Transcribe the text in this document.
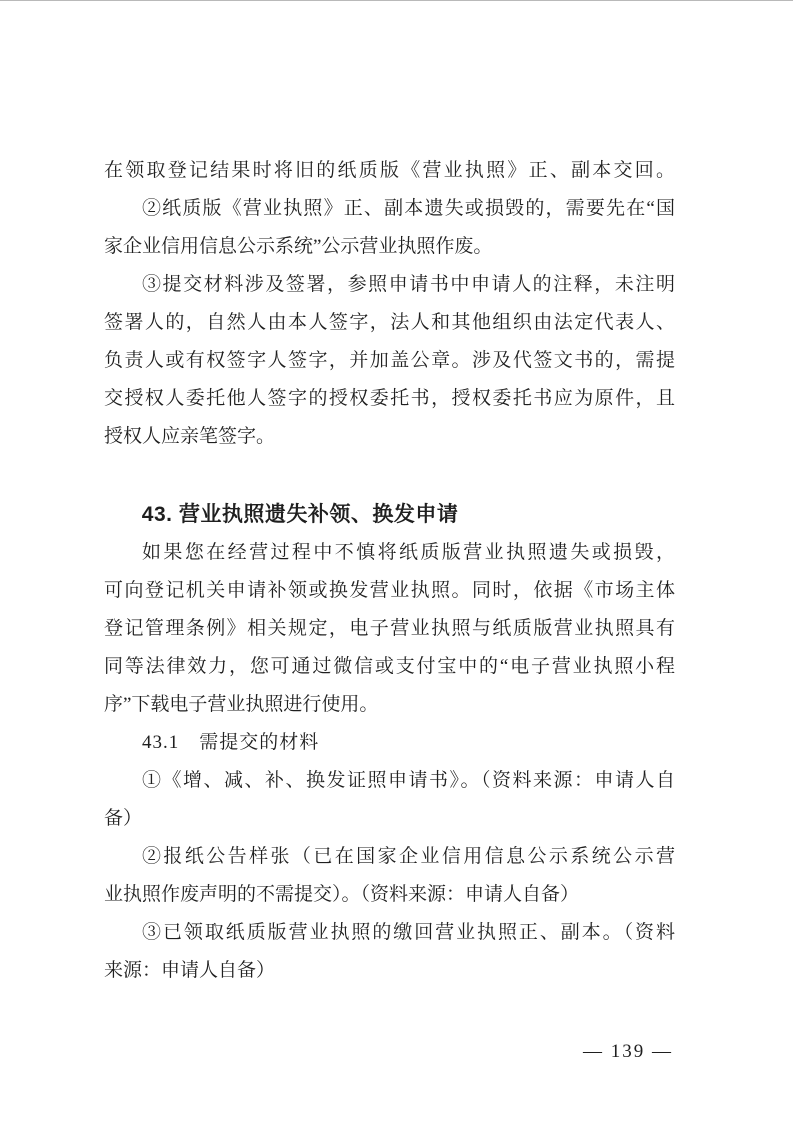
在领取登记结果时将旧的纸质版《营业执照》正、副本交回。

②纸质版《营业执照》正、副本遗失或损毁的，需要先在“国

家企业信用信息公示系统”公示营业执照作废。

③提交材料涉及签署，参照申请书中申请人的注释，未注明

签署人的，自然人由本人签字，法人和其他组织由法定代表人、

负责人或有权签字人签字，并加盖公章。涉及代签文书的，需提

交授权人委托他人签字的授权委托书，授权委托书应为原件，且

授权人应亲笔签字。

43. 营业执照遗失补领、换发申请

如果您在经营过程中不慎将纸质版营业执照遗失或损毁，

可向登记机关申请补领或换发营业执照。同时，依据《市场主体

登记管理条例》相关规定，电子营业执照与纸质版营业执照具有

同等法律效力，您可通过微信或支付宝中的“电子营业执照小程

序”下载电子营业执照进行使用。

43.1　需提交的材料

①《增、减、补、换发证照申请书》。（资料来源：申请人自

备）

②报纸公告样张（已在国家企业信用信息公示系统公示营

业执照作废声明的不需提交）。（资料来源：申请人自备）

③已领取纸质版营业执照的缴回营业执照正、副本。（资料

来源：申请人自备）

— 139 —
